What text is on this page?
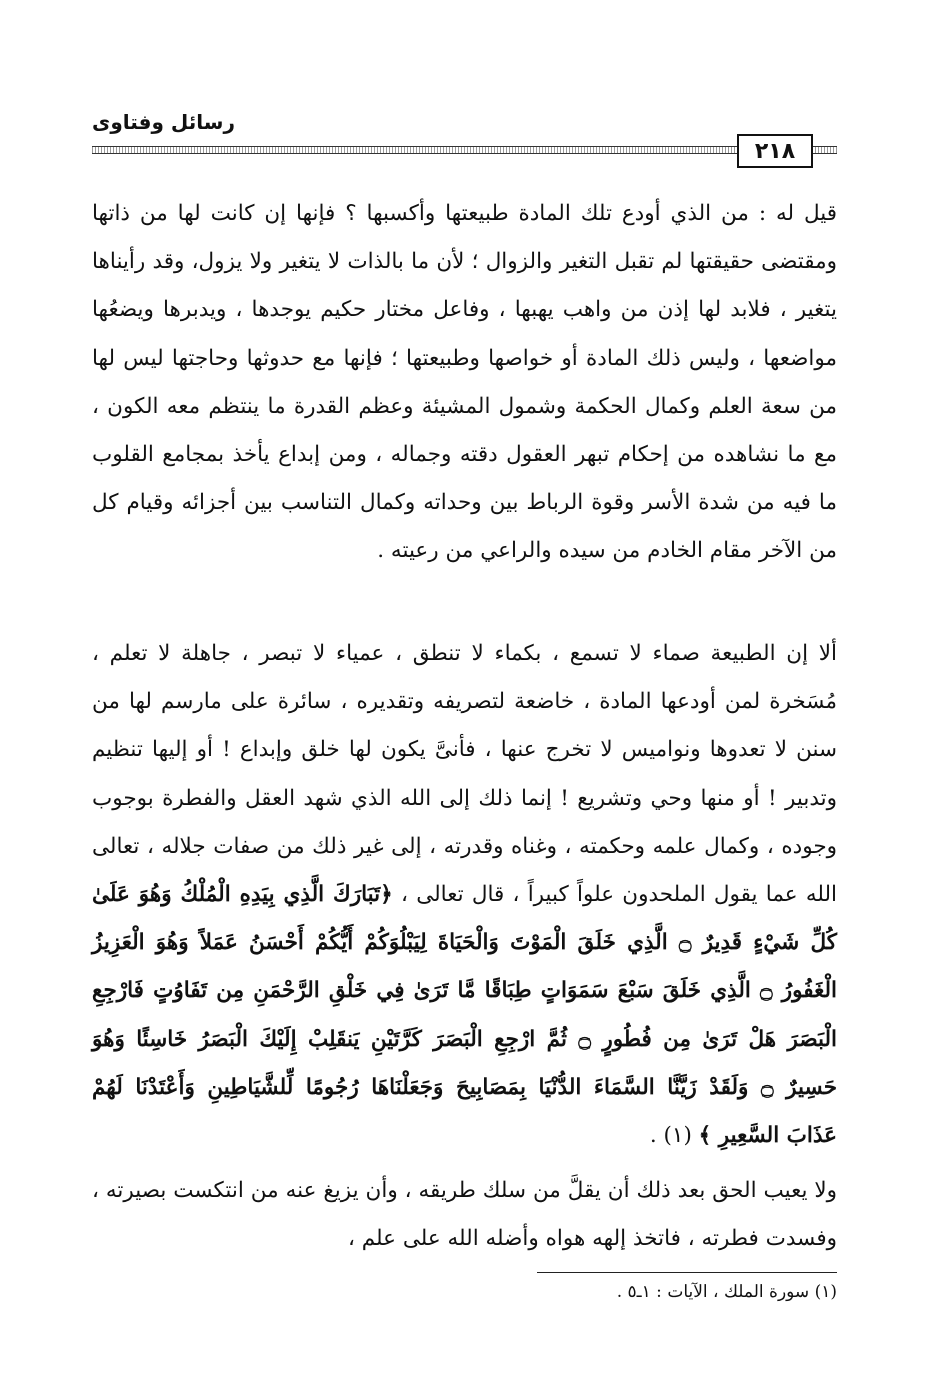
رسائل وفتاوى
٢١٨

قيل له : من الذي أودع تلك المادة طبيعتها وأكسبها ؟ فإنها إن كانت لها من ذاتها ومقتضى حقيقتها لم تقبل التغير والزوال ؛ لأن ما بالذات لا يتغير ولا يزول، وقد رأيناها يتغير ، فلابد لها إذن من واهب يهبها ، وفاعل مختار حكيم يوجدها ، ويدبرها ويضعُها مواضعها ، وليس ذلك المادة أو خواصها وطبيعتها ؛ فإنها مع حدوثها وحاجتها ليس لها من سعة العلم وكمال الحكمة وشمول المشيئة وعظم القدرة ما ينتظم معه الكون ، مع ما نشاهده من إحكام تبهر العقول دقته وجماله ، ومن إبداع يأخذ بمجامع القلوب ما فيه من شدة الأسر وقوة الرباط بين وحداته وكمال التناسب بين أجزائه وقيام كل من الآخر مقام الخادم من سيده والراعي من رعيته .

ألا إن الطبيعة صماء لا تسمع ، بكماء لا تنطق ، عمياء لا تبصر ، جاهلة لا تعلم ، مُسَخرة لمن أودعها المادة ، خاضعة لتصريفه وتقديره ، سائرة على مارسم لها من سنن لا تعدوها ونواميس لا تخرج عنها ، فأنىَّ يكون لها خلق وإبداع ! أو إليها تنظيم وتدبير ! أو منها وحي وتشريع ! إنما ذلك إلى الله الذي شهد العقل والفطرة بوجوب وجوده ، وكمال علمه وحكمته ، وغناه وقدرته ، إلى غير ذلك من صفات جلاله ، تعالى الله عما يقول الملحدون علواً كبيراً ، قال تعالى ، ﴿تَبَارَكَ الَّذِي بِيَدِهِ الْمُلْكُ وَهُوَ عَلَىٰ كُلِّ شَيْءٍ قَدِيرٌ ۝ الَّذِي خَلَقَ الْمَوْتَ وَالْحَيَاةَ لِيَبْلُوَكُمْ أَيُّكُمْ أَحْسَنُ عَمَلاً وَهُوَ الْعَزِيزُ الْغَفُورُ ۝ الَّذِي خَلَقَ سَبْعَ سَمَوَاتٍ طِبَاقًا مَّا تَرَىٰ فِي خَلْقِ الرَّحْمَنِ مِن تَفَاوُتٍ فَارْجِعِ الْبَصَرَ هَلْ تَرَىٰ مِن فُطُورٍ ۝ ثُمَّ ارْجِعِ الْبَصَرَ كَرَّتَيْنِ يَنقَلِبْ إِلَيْكَ الْبَصَرُ خَاسِئًا وَهُوَ حَسِيرٌ ۝ وَلَقَدْ زَيَّنَّا السَّمَاءَ الدُّنْيَا بِمَصَابِيحَ وَجَعَلْنَاهَا رُجُومًا لِّلشَّيَاطِينِ وَأَعْتَدْنَا لَهُمْ عَذَابَ السَّعِيرِ ﴾ (١) .

ولا يعيب الحق بعد ذلك أن يقلَّ من سلك طريقه ، وأن يزيغ عنه من انتكست بصيرته ، وفسدت فطرته ، فاتخذ إلهه هواه وأضله الله على علم ،

(١) سورة الملك ، الآيات : ١ـ٥ .
